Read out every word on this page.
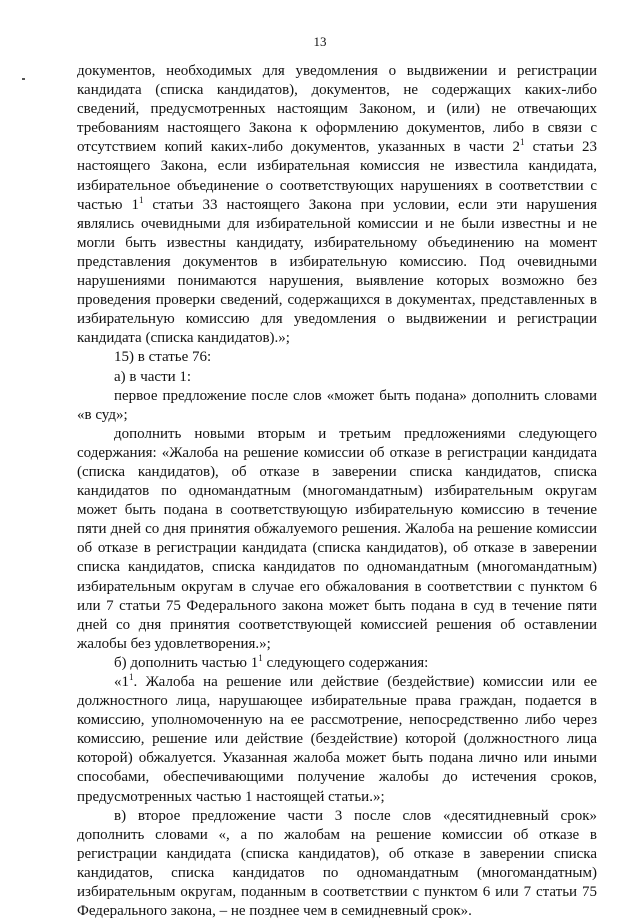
13

документов, необходимых для уведомления о выдвижении и регистрации кандидата (списка кандидатов), документов, не содержащих каких-либо сведений, предусмотренных настоящим Законом, и (или) не отвечающих требованиям настоящего Закона к оформлению документов, либо в связи с отсутствием копий каких-либо документов, указанных в части $2^1$ статьи 23 настоящего Закона, если избирательная комиссия не известила кандидата, избирательное объединение о соответствующих нарушениях в соответствии с частью $1^1$ статьи 33 настоящего Закона при условии, если эти нарушения являлись очевидными для избирательной комиссии и не были известны и не могли быть известны кандидату, избирательному объединению на момент представления документов в избирательную комиссию. Под очевидными нарушениями понимаются нарушения, выявление которых возможно без проведения проверки сведений, содержащихся в документах, представленных в избирательную комиссию для уведомления о выдвижении и регистрации кандидата (списка кандидатов).»;

15) в статье 76:

а) в части 1:

первое предложение после слов «может быть подана» дополнить словами «в суд»;

дополнить новыми вторым и третьим предложениями следующего содержания: «Жалоба на решение комиссии об отказе в регистрации кандидата (списка кандидатов), об отказе в заверении списка кандидатов, списка кандидатов по одномандатным (многомандатным) избирательным округам может быть подана в соответствующую избирательную комиссию в течение пяти дней со дня принятия обжалуемого решения. Жалоба на решение комиссии об отказе в регистрации кандидата (списка кандидатов), об отказе в заверении списка кандидатов, списка кандидатов по одномандатным (многомандатным) избирательным округам в случае его обжалования в соответствии с пунктом 6 или 7 статьи 75 Федерального закона может быть подана в суд в течение пяти дней со дня принятия соответствующей комиссией решения об оставлении жалобы без удовлетворения.»;

б) дополнить частью $1^1$ следующего содержания:

«$1^1$. Жалоба на решение или действие (бездействие) комиссии или ее должностного лица, нарушающее избирательные права граждан, подается в комиссию, уполномоченную на ее рассмотрение, непосредственно либо через комиссию, решение или действие (бездействие) которой (должностного лица которой) обжалуется. Указанная жалоба может быть подана лично или иными способами, обеспечивающими получение жалобы до истечения сроков, предусмотренных частью 1 настоящей статьи.»;

в) второе предложение части 3 после слов «десятидневный срок» дополнить словами «, а по жалобам на решение комиссии об отказе в регистрации кандидата (списка кандидатов), об отказе в заверении списка кандидатов, списка кандидатов по одномандатным (многомандатным) избирательным округам, поданным в соответствии с пунктом 6 или 7 статьи 75 Федерального закона, – не позднее чем в семидневный срок».
